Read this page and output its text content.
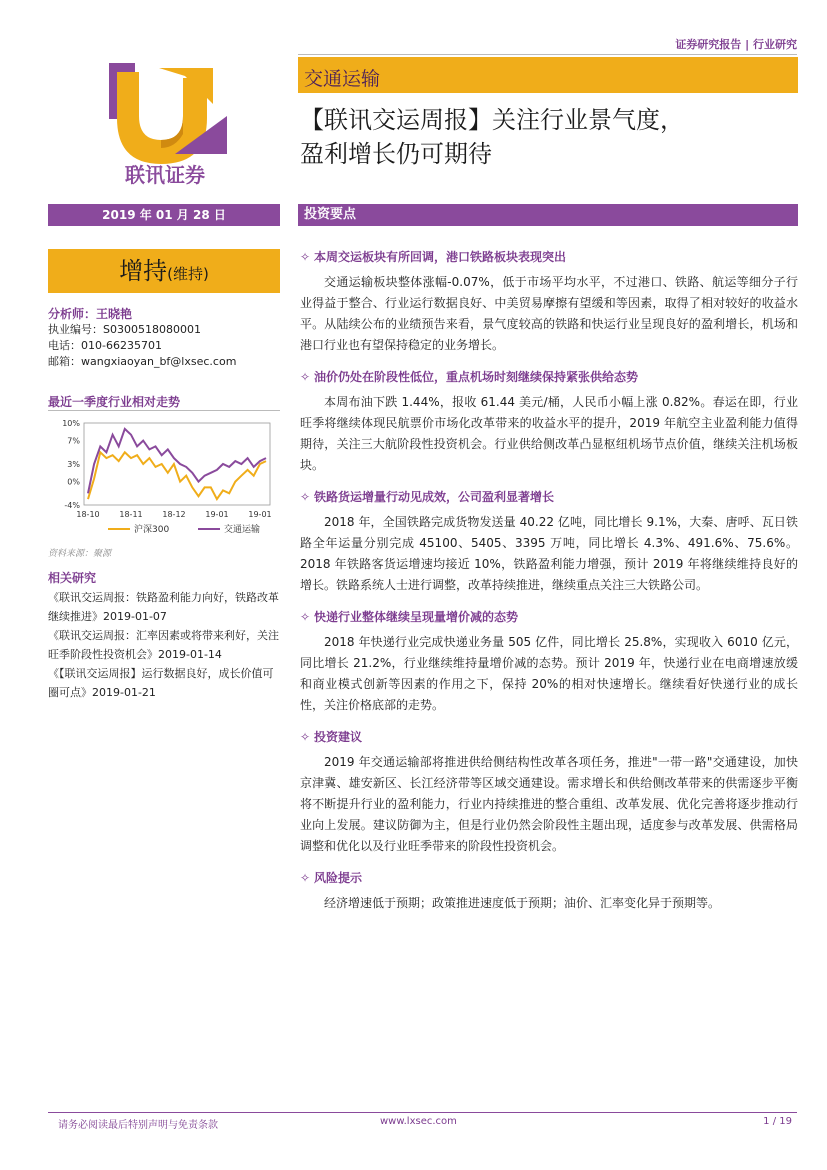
证券研究报告 | 行业研究
联讯证券
交通运输
【联讯交运周报】关注行业景气度，
盈利增长仍可期待
2019 年 01 月 28 日	投资要点
增持(维持)
分析师：王晓艳
执业编号：S0300518080001
电话：010-66235701
邮箱：wangxiaoyan_bf@lxsec.com
最近一季度行业相对走势
10%
7%
3%
0%
-4%
18-10 18-11 18-12 19-01 19-01
沪深300	交通运输
资料来源：聚源
相关研究
《联讯交运周报：铁路盈利能力向好，铁路改革继续推进》2019-01-07
《联讯交运周报：汇率因素或将带来利好，关注旺季阶段性投资机会》2019-01-14
《【联讯交运周报】运行数据良好，成长价值可圈可点》2019-01-21
✧ 本周交运板块有所回调，港口铁路板块表现突出
交通运输板块整体涨幅-0.07%，低于市场平均水平，不过港口、铁路、航运等细分子行业得益于整合、行业运行数据良好、中美贸易摩擦有望缓和等因素，取得了相对较好的收益水平。从陆续公布的业绩预告来看，景气度较高的铁路和快运行业呈现良好的盈利增长，机场和港口行业也有望保持稳定的业务增长。
✧ 油价仍处在阶段性低位，重点机场时刻继续保持紧张供给态势
本周布油下跌 1.44%，报收 61.44 美元/桶，人民币小幅上涨 0.82%。春运在即，行业旺季将继续体现民航票价市场化改革带来的收益水平的提升，2019 年航空主业盈利能力值得期待，关注三大航阶段性投资机会。行业供给侧改革凸显枢纽机场节点价值，继续关注机场板块。
✧ 铁路货运增量行动见成效，公司盈利显著增长
2018 年，全国铁路完成货物发送量 40.22 亿吨，同比增长 9.1%，大秦、唐呼、瓦日铁路全年运量分别完成 45100、5405、3395 万吨，同比增长 4.3%、491.6%、75.6%。2018 年铁路客货运增速均接近 10%，铁路盈利能力增强，预计 2019 年将继续维持良好的增长。铁路系统人士进行调整，改革持续推进，继续重点关注三大铁路公司。
✧ 快递行业整体继续呈现量增价减的态势
2018 年快递行业完成快递业务量 505 亿件，同比增长 25.8%，实现收入 6010 亿元，同比增长 21.2%，行业继续维持量增价减的态势。预计 2019 年，快递行业在电商增速放缓和商业模式创新等因素的作用之下，保持 20%的相对快速增长。继续看好快递行业的成长性，关注价格底部的走势。
✧ 投资建议
2019 年交通运输部将推进供给侧结构性改革各项任务，推进"一带一路"交通建设，加快京津冀、雄安新区、长江经济带等区域交通建设。需求增长和供给侧改革带来的供需逐步平衡将不断提升行业的盈利能力，行业内持续推进的整合重组、改革发展、优化完善将逐步推动行业向上发展。建议防御为主，但是行业仍然会阶段性主题出现，适度参与改革发展、供需格局调整和优化以及行业旺季带来的阶段性投资机会。
✧ 风险提示
经济增速低于预期；政策推进速度低于预期；油价、汇率变化异于预期等。
请务必阅读最后特别声明与免责条款	www.lxsec.com	1 / 19
